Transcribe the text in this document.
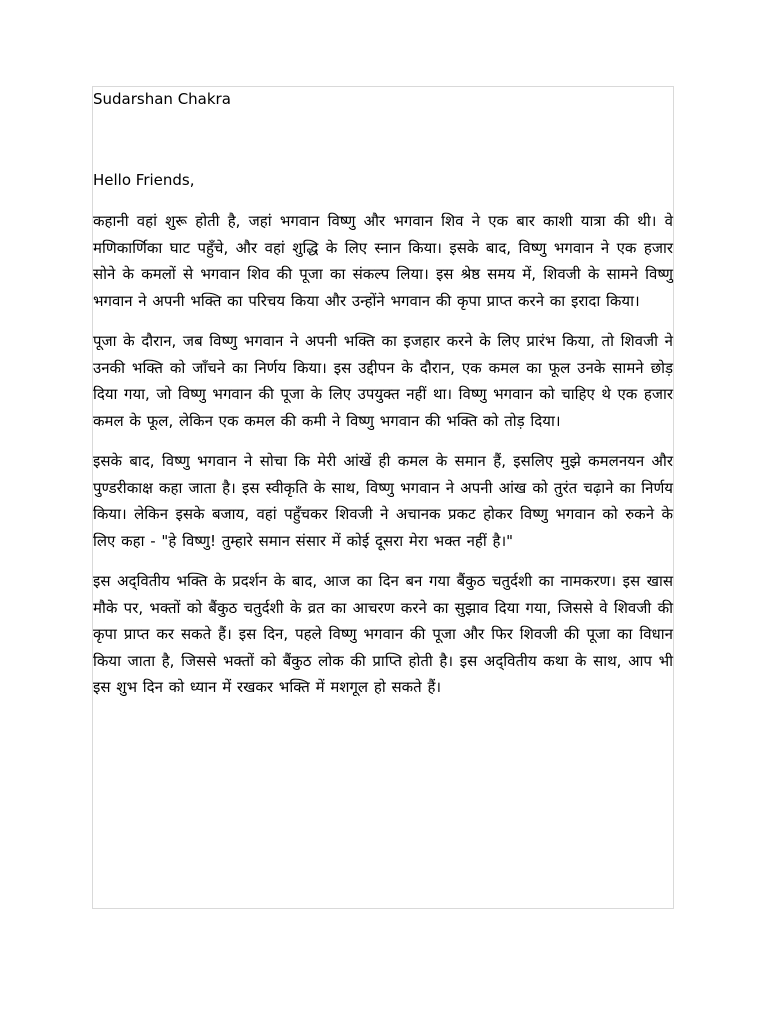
Sudarshan Chakra

Hello Friends,

कहानी वहां शुरू होती है, जहां भगवान विष्णु और भगवान शिव ने एक बार काशी यात्रा की थी। वे मणिकार्णिका घाट पहुँचे, और वहां शुद्धि के लिए स्नान किया। इसके बाद, विष्णु भगवान ने एक हजार सोने के कमलों से भगवान शिव की पूजा का संकल्प लिया। इस श्रेष्ठ समय में, शिवजी के सामने विष्णु भगवान ने अपनी भक्ति का परिचय किया और उन्होंने भगवान की कृपा प्राप्त करने का इरादा किया।

पूजा के दौरान, जब विष्णु भगवान ने अपनी भक्ति का इजहार करने के लिए प्रारंभ किया, तो शिवजी ने उनकी भक्ति को जाँचने का निर्णय किया। इस उद्दीपन के दौरान, एक कमल का फूल उनके सामने छोड़ दिया गया, जो विष्णु भगवान की पूजा के लिए उपयुक्त नहीं था। विष्णु भगवान को चाहिए थे एक हजार कमल के फूल, लेकिन एक कमल की कमी ने विष्णु भगवान की भक्ति को तोड़ दिया।

इसके बाद, विष्णु भगवान ने सोचा कि मेरी आंखें ही कमल के समान हैं, इसलिए मुझे कमलनयन और पुण्डरीकाक्ष कहा जाता है। इस स्वीकृति के साथ, विष्णु भगवान ने अपनी आंख को तुरंत चढ़ाने का निर्णय किया। लेकिन इसके बजाय, वहां पहुँचकर शिवजी ने अचानक प्रकट होकर विष्णु भगवान को रुकने के लिए कहा - "हे विष्णु! तुम्हारे समान संसार में कोई दूसरा मेरा भक्त नहीं है।"

इस अद्‌वितीय भक्ति के प्रदर्शन के बाद, आज का दिन बन गया बैंकुठ चतुर्दशी का नामकरण। इस खास मौके पर, भक्तों को बैंकुठ चतुर्दशी के व्रत का आचरण करने का सुझाव दिया गया, जिससे वे शिवजी की कृपा प्राप्त कर सकते हैं। इस दिन, पहले विष्णु भगवान की पूजा और फिर शिवजी की पूजा का विधान किया जाता है, जिससे भक्तों को बैंकुठ लोक की प्राप्ति होती है। इस अद्‌वितीय कथा के साथ, आप भी इस शुभ दिन को ध्यान में रखकर भक्ति में मशगूल हो सकते हैं।
